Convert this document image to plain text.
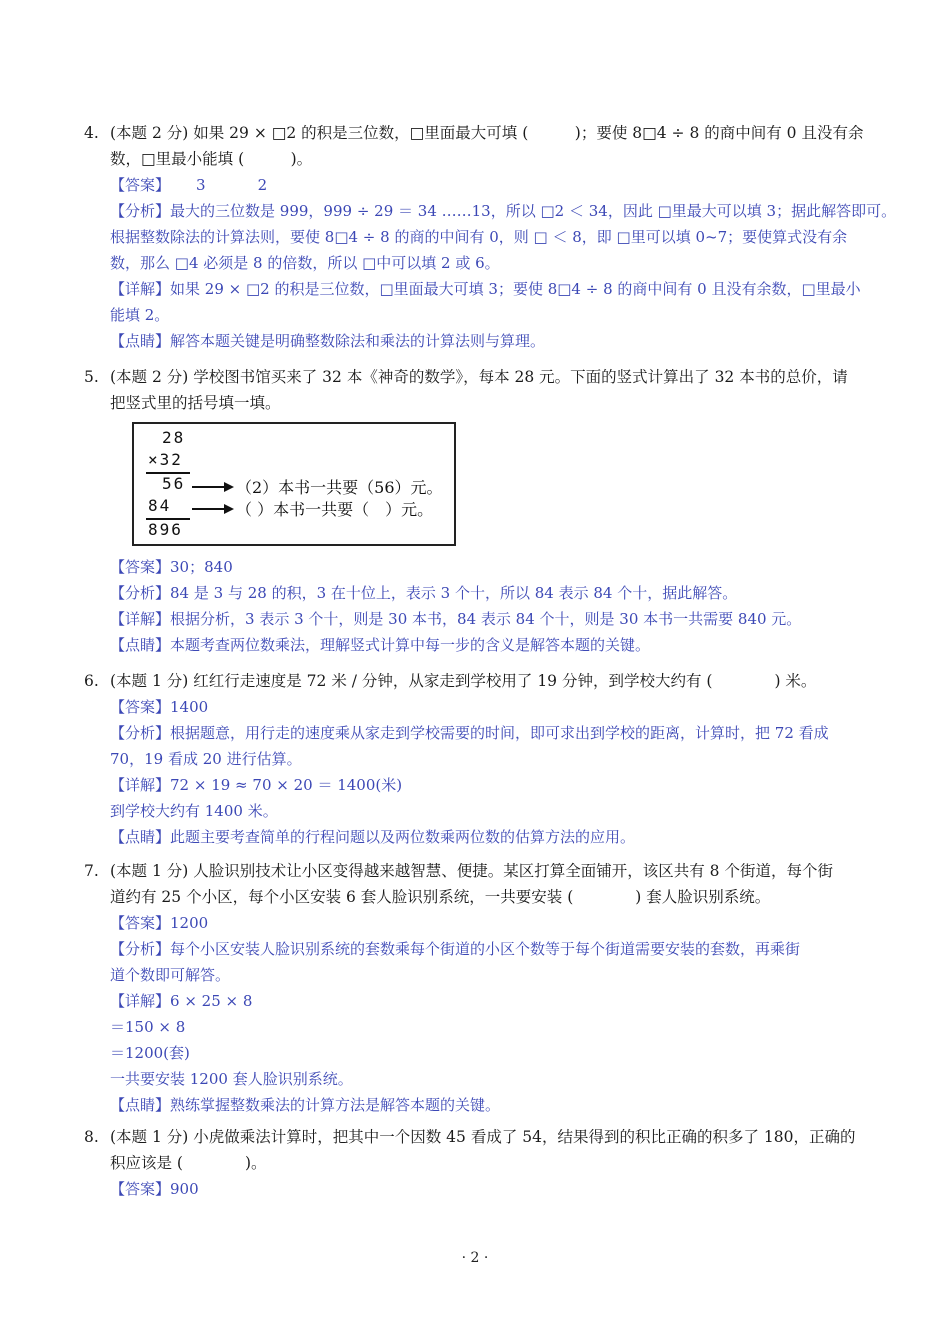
4. (本题 2 分) 如果 29 × □2 的积是三位数，□里面最大可填 (　　　)；要使 8□4 ÷ 8 的商中间有 0 且没有余
数，□里最小能填 (　　　)。
【答案】 3	2
【分析】最大的三位数是 999，999 ÷ 29 ＝ 34 ……13，所以 □2 ＜ 34，因此 □里最大可以填 3；据此解答即可。
根据整数除法的计算法则，要使 8□4 ÷ 8 的商的中间有 0，则 □ ＜ 8，即 □里可以填 0~7；要使算式没有余
数，那么 □4 必须是 8 的倍数，所以 □中可以填 2 或 6。
【详解】如果 29 × □2 的积是三位数，□里面最大可填 3；要使 8□4 ÷ 8 的商中间有 0 且没有余数，□里最小
能填 2。
【点睛】解答本题关键是明确整数除法和乘法的计算法则与算理。
5. (本题 2 分) 学校图书馆买来了 32 本《神奇的数学》，每本 28 元。下面的竖式计算出了 32 本书的总价，请
把竖式里的括号填一填。
28
×32
56
84
896
（2）本书一共要（56）元。
（ ）本书一共要（　）元。
【答案】30；840
【分析】84 是 3 与 28 的积，3 在十位上，表示 3 个十，所以 84 表示 84 个十，据此解答。
【详解】根据分析，3 表示 3 个十，则是 30 本书，84 表示 84 个十，则是 30 本书一共需要 840 元。
【点睛】本题考查两位数乘法，理解竖式计算中每一步的含义是解答本题的关键。
6. (本题 1 分) 红红行走速度是 72 米 / 分钟，从家走到学校用了 19 分钟，到学校大约有 (　　　　) 米。
【答案】1400
【分析】根据题意，用行走的速度乘从家走到学校需要的时间，即可求出到学校的距离，计算时，把 72 看成
70，19 看成 20 进行估算。
【详解】72 × 19 ≈ 70 × 20 ＝ 1400(米)
到学校大约有 1400 米。
【点睛】此题主要考查简单的行程问题以及两位数乘两位数的估算方法的应用。
7. (本题 1 分) 人脸识别技术让小区变得越来越智慧、便捷。某区打算全面铺开，该区共有 8 个街道，每个街
道约有 25 个小区，每个小区安装 6 套人脸识别系统，一共要安装 (　　　　) 套人脸识别系统。
【答案】1200
【分析】每个小区安装人脸识别系统的套数乘每个街道的小区个数等于每个街道需要安装的套数，再乘街
道个数即可解答。
【详解】6 × 25 × 8
＝150 × 8
＝1200(套)
一共要安装 1200 套人脸识别系统。
【点睛】熟练掌握整数乘法的计算方法是解答本题的关键。
8. (本题 1 分) 小虎做乘法计算时，把其中一个因数 45 看成了 54，结果得到的积比正确的积多了 180，正确的
积应该是 (　　　　)。
【答案】900
· 2 ·
